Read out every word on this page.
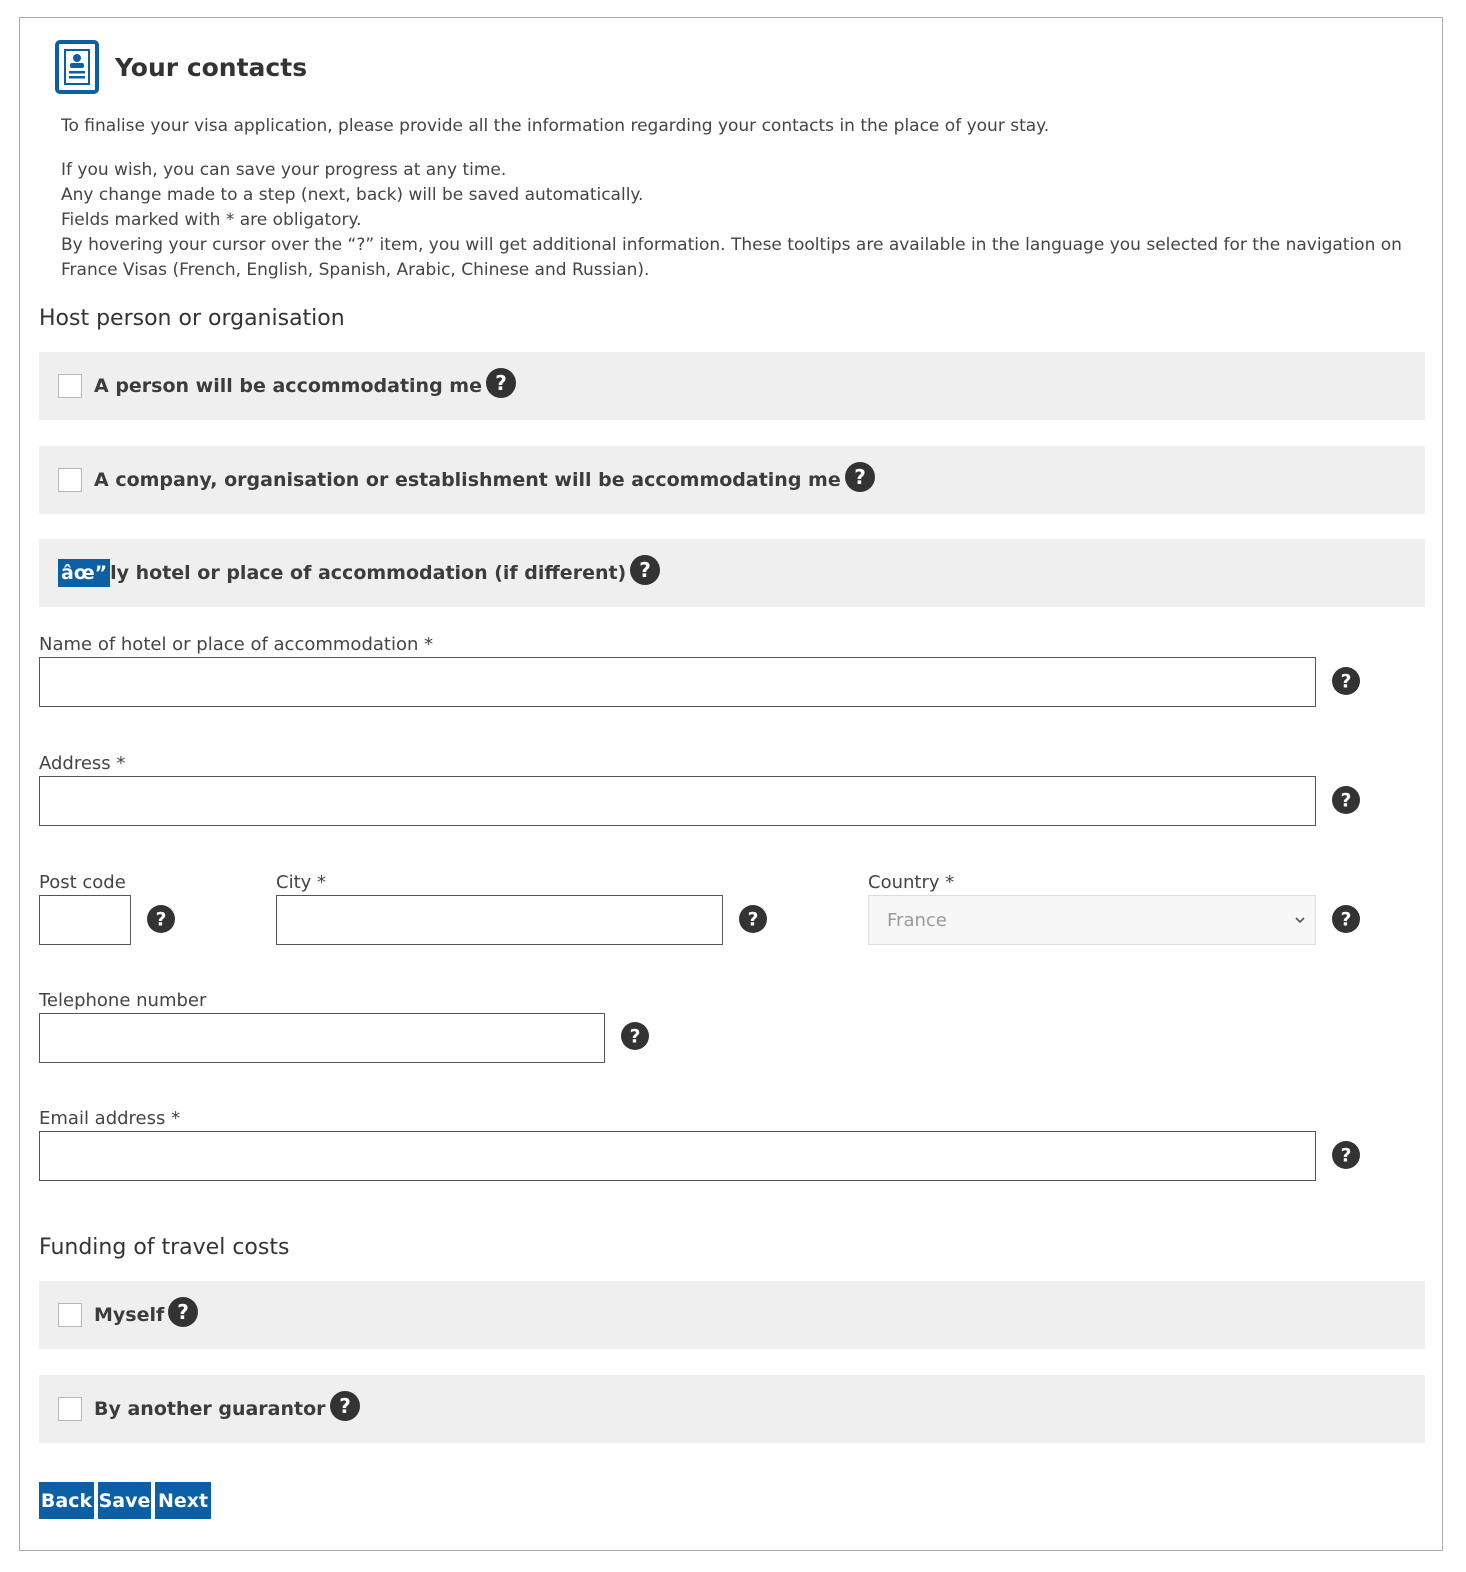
Your contacts

To finalise your visa application, please provide all the information regarding your contacts in the place of your stay.

If you wish, you can save your progress at any time.

Any change made to a step (next, back) will be saved automatically.

Fields marked with * are obligatory.

By hovering your cursor over the “?” item, you will get additional information. These tooltips are available in the language you selected for the navigation on France Visas (French, English, Spanish, Arabic, Chinese and Russian).

Host person or organisation
A person will be accommodating me ?
A company, organisation or establishment will be accommodating me ?
âœ” ly hotel or place of accommodation (if different) ?
Name of hotel or place of accommodation *
?
Address *
?
Post code
?
City *
?
Country *
France	?
Telephone number
?
Email address *
?
Funding of travel costs
Myself ?
By another guarantor ?
Back Save Next
